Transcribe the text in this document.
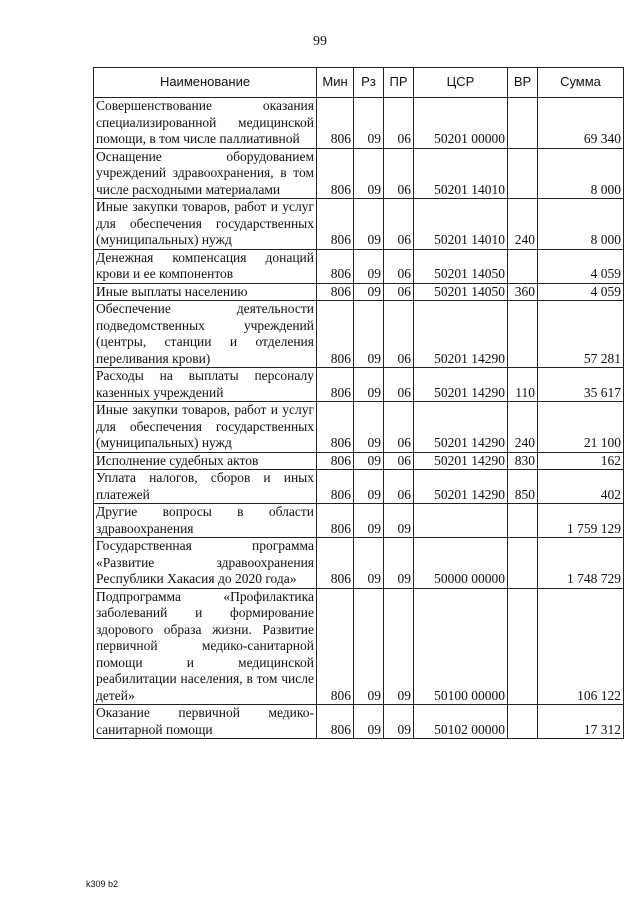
99
Наименование	Мин	Рз	ПР	ЦСР	ВР	Сумма
Совершенствование оказания специализированной медицинской помощи, в том числе паллиативной	806	09	06	50201 00000		69 340
Оснащение оборудованием учреждений здравоохранения, в том числе расходными материалами	806	09	06	50201 14010		8 000
Иные закупки товаров, работ и услуг для обеспечения государственных (муниципальных) нужд	806	09	06	50201 14010	240	8 000
Денежная компенсация донаций крови и ее компонентов	806	09	06	50201 14050		4 059
Иные выплаты населению	806	09	06	50201 14050	360	4 059
Обеспечение деятельности подведомственных учреждений (центры, станции и отделения переливания крови)	806	09	06	50201 14290		57 281
Расходы на выплаты персоналу казенных учреждений	806	09	06	50201 14290	110	35 617
Иные закупки товаров, работ и услуг для обеспечения государственных (муниципальных) нужд	806	09	06	50201 14290	240	21 100
Исполнение судебных актов	806	09	06	50201 14290	830	162
Уплата налогов, сборов и иных платежей	806	09	06	50201 14290	850	402
Другие вопросы в области здравоохранения	806	09	09			1 759 129
Государственная программа «Развитие здравоохранения Республики Хакасия до 2020 года»	806	09	09	50000 00000		1 748 729
Подпрограмма «Профилактика заболеваний и формирование здорового образа жизни. Развитие первичной медико-санитарной помощи и медицинской реабилитации населения, в том числе детей»	806	09	09	50100 00000		106 122
Оказание первичной медико-санитарной помощи	806	09	09	50102 00000		17 312
k309 b2
